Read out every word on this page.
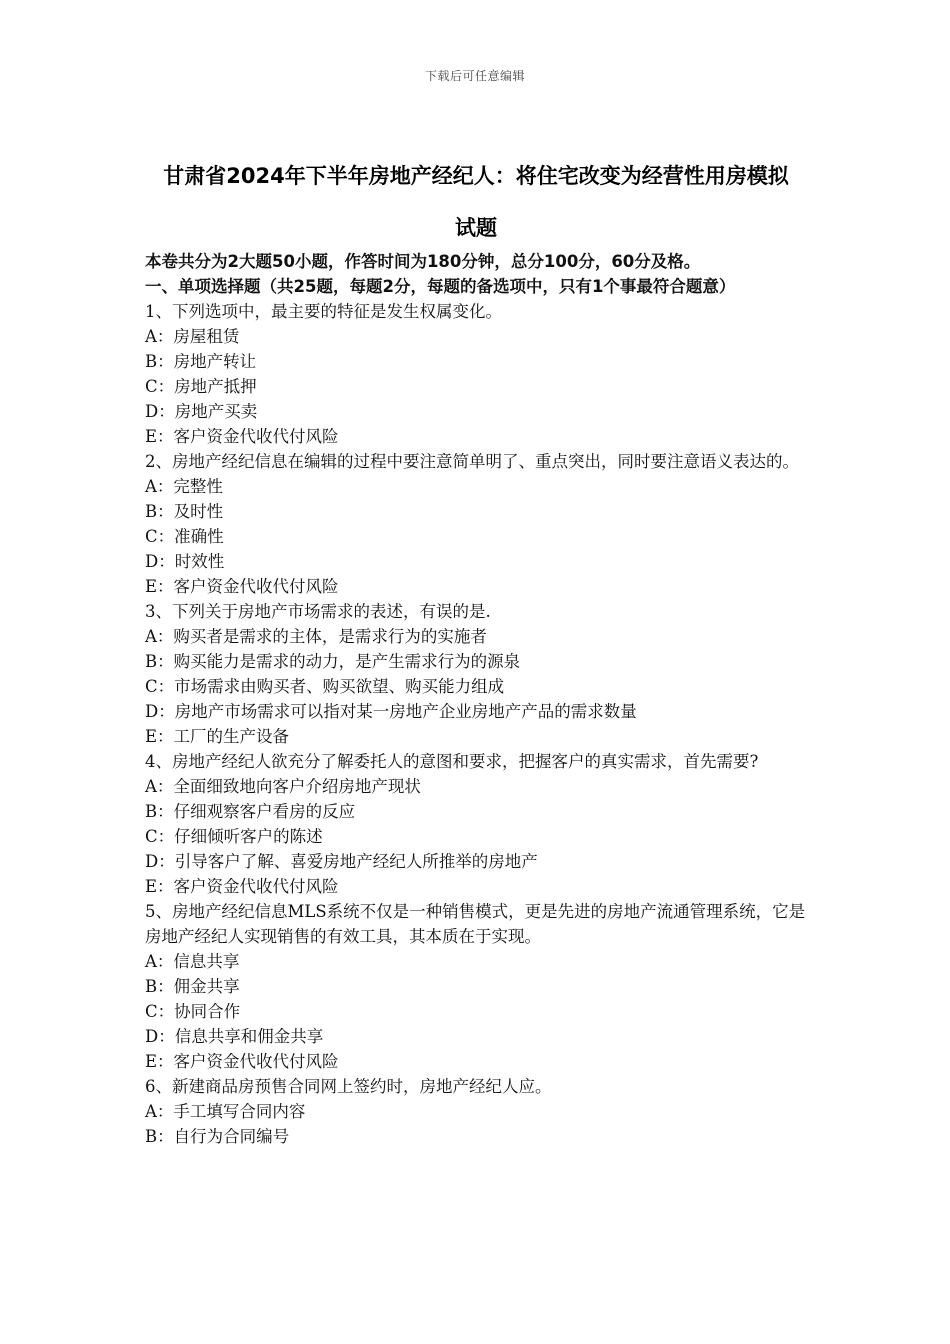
下载后可任意编辑
甘肃省2024年下半年房地产经纪人：将住宅改变为经营性用房模拟
试题

本卷共分为2大题50小题，作答时间为180分钟，总分100分，60分及格。

一、单项选择题（共25题，每题2分，每题的备选项中，只有1个事最符合题意）

1、下列选项中，最主要的特征是发生权属变化。

A：房屋租赁

B：房地产转让

C：房地产抵押

D：房地产买卖

E：客户资金代收代付风险

2、房地产经纪信息在编辑的过程中要注意简单明了、重点突出，同时要注意语义表达的。

A：完整性

B：及时性

C：准确性

D：时效性

E：客户资金代收代付风险

3、下列关于房地产市场需求的表述，有误的是.

A：购买者是需求的主体，是需求行为的实施者

B：购买能力是需求的动力，是产生需求行为的源泉

C：市场需求由购买者、购买欲望、购买能力组成

D：房地产市场需求可以指对某一房地产企业房地产产品的需求数量

E：工厂的生产设备

4、房地产经纪人欲充分了解委托人的意图和要求，把握客户的真实需求，首先需要?

A：全面细致地向客户介绍房地产现状

B：仔细观察客户看房的反应

C：仔细倾听客户的陈述

D：引导客户了解、喜爱房地产经纪人所推举的房地产

E：客户资金代收代付风险

5、房地产经纪信息MLS系统不仅是一种销售模式，更是先进的房地产流通管理系统，它是房地产经纪人实现销售的有效工具，其本质在于实现。

A：信息共享

B：佣金共享

C：协同合作

D：信息共享和佣金共享

E：客户资金代收代付风险

6、新建商品房预售合同网上签约时，房地产经纪人应。

A：手工填写合同内容

B：自行为合同编号
